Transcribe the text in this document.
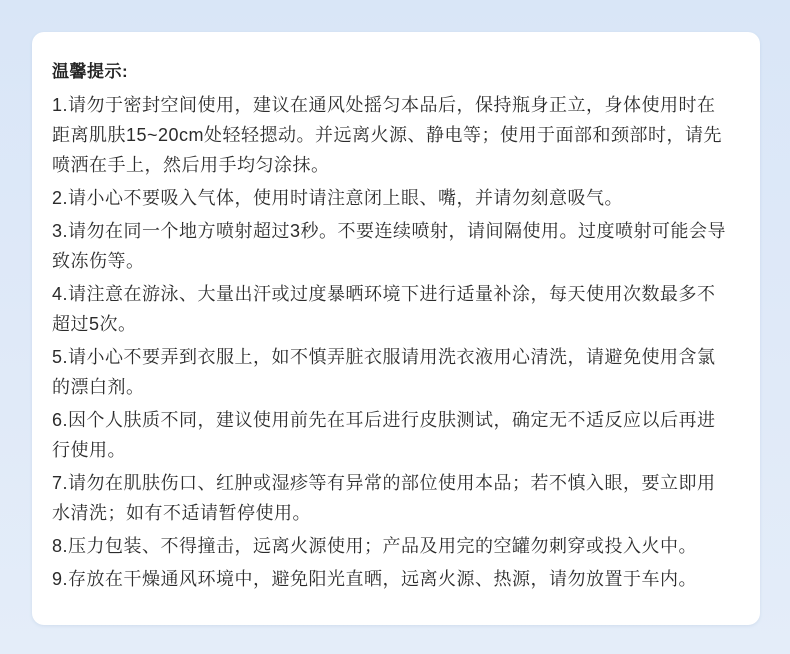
温馨提示:
1.请勿于密封空间使用，建议在通风处摇匀本品后，保持瓶身正立，身体使用时在
距离肌肤15~20cm处轻轻摁动。并远离火源、静电等；使用于面部和颈部时，请先
喷洒在手上，然后用手均匀涂抹。
2.请小心不要吸入气体，使用时请注意闭上眼、嘴，并请勿刻意吸气。
3.请勿在同一个地方喷射超过3秒。不要连续喷射，请间隔使用。过度喷射可能会导
致冻伤等。
4.请注意在游泳、大量出汗或过度暴晒环境下进行适量补涂，每天使用次数最多不
超过5次。
5.请小心不要弄到衣服上，如不慎弄脏衣服请用洗衣液用心清洗，请避免使用含氯
的漂白剂。
6.因个人肤质不同，建议使用前先在耳后进行皮肤测试，确定无不适反应以后再进
行使用。
7.请勿在肌肤伤口、红肿或湿疹等有异常的部位使用本品；若不慎入眼，要立即用
水清洗；如有不适请暂停使用。
8.压力包装、不得撞击，远离火源使用；产品及用完的空罐勿刺穿或投入火中。
9.存放在干燥通风环境中，避免阳光直晒，远离火源、热源，请勿放置于车内。
